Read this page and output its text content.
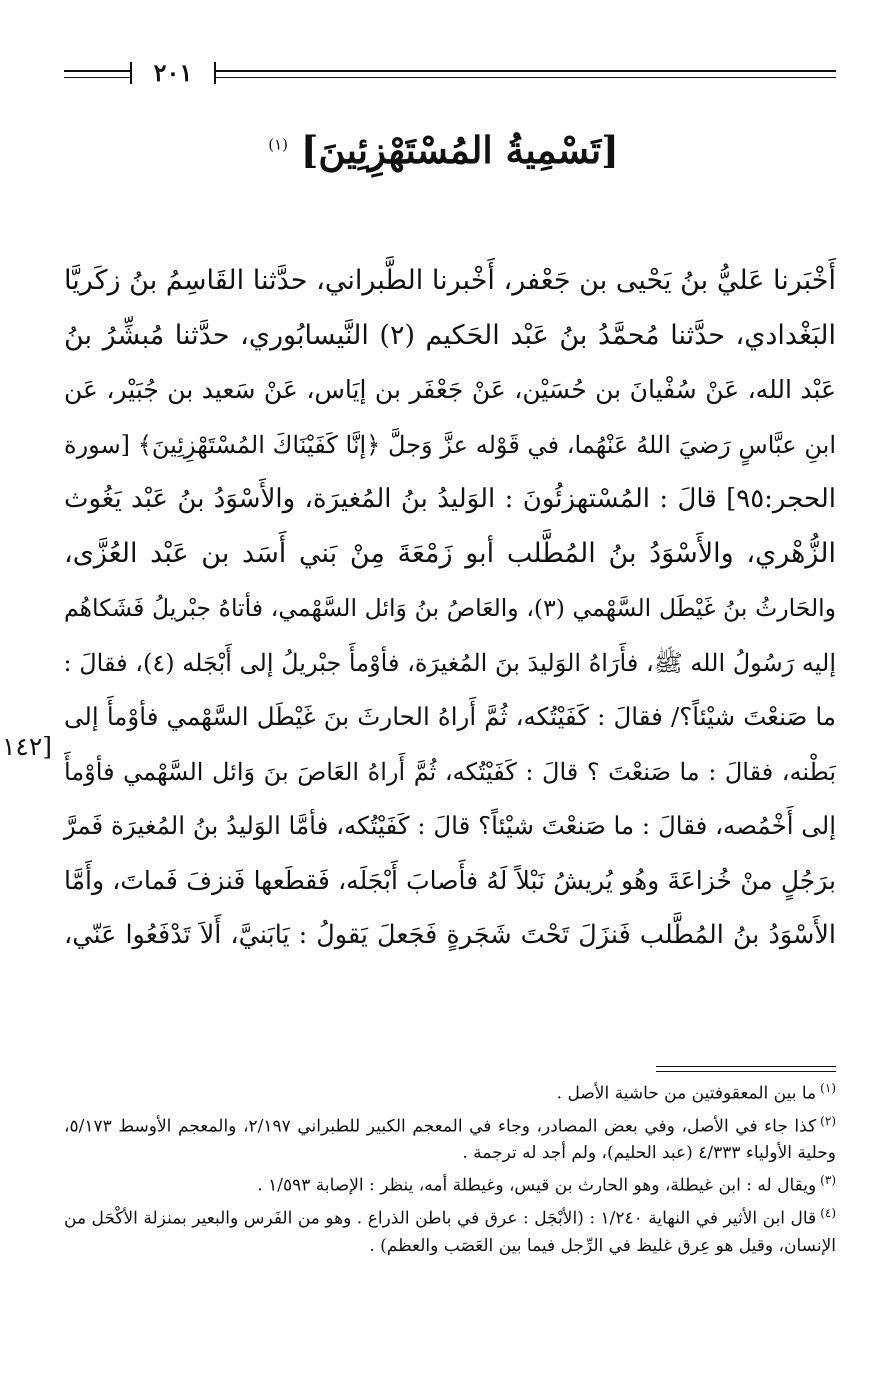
٢٠١
[تَسْمِيةُ المُسْتَهْزِئِينَ] $^{(١)}$
أَخْبَرنا عَليُّ بنُ يَحْيى بن جَعْفر، أَخْبرنا الطَّبراني، حدَّثنا القَاسِمُ بنُ زكَريَّا
البَغْدادي، حدَّثنا مُحمَّدُ بنُ عَبْد الحَكيم (٢) النَّيسابُوري، حدَّثنا مُبشِّرُ بنُ
عَبْد الله، عَنْ سُفْيانَ بن حُسَيْن، عَنْ جَعْفَر بن إيَاس، عَنْ سَعيد بن جُبَيْر، عَن
ابنِ عبَّاسٍ رَضيَ اللهُ عَنْهُما، في قَوْله عزَّ وَجلَّ ﴿إنَّا كَفَيْنَاكَ المُسْتَهْزِئِينَ﴾ [سورة
الحجر:٩٥] قالَ : المُسْتهزئُونَ : الوَليدُ بنُ المُغيرَة، والأَسْوَدُ بنُ عَبْد يَغُوث
الزُّهْري، والأَسْوَدُ بنُ المُطَّلب أبو زَمْعَةَ مِنْ بَني أَسَد بن عَبْد العُزَّى،
والحَارثُ بنُ غَيْطَل السَّهْمي (٣)، والعَاصُ بنُ وَائل السَّهْمي، فأتاهُ جبْريلُ فَشَكاهُم
إليه رَسُولُ الله ﷺ، فأَرَاهُ الوَليدَ بنَ المُغيرَة، فأوْمأَ جبْريلُ إلى أَبْجَله (٤)، فقالَ :
ما صَنعْتَ شيْئاً؟/ فقالَ : كَفَيْتُكه، ثُمَّ أَراهُ الحارثَ بنَ غَيْطَل السَّهْمي فأوْمأَ إلى
بَطْنه، فقالَ : ما صَنعْتَ ؟ قالَ : كَفَيْتُكه، ثُمَّ أَراهُ العَاصَ بنَ وَائل السَّهْمي فأوْمأَ
إلى أَخْمُصه، فقالَ : ما صَنعْتَ شيْئاً؟ قالَ : كَفَيْتُكه، فأمَّا الوَليدُ بنُ المُغيرَة فَمرَّ
برَجُلٍ منْ خُزاعَةَ وهُو يُريشُ نَبْلاً لَهُ فأَصابَ أَبْجَلَه، فَقطَعها فَنزفَ فَماتَ، وأَمَّا
الأَسْوَدُ بنُ المُطَّلب فَنزَلَ تَحْتَ شَجَرةٍ فَجَعلَ يَقولُ : يَابَنيَّ، أَلاَ تَدْفَعُوا عَنّي،
[١٤٢
$^{(١)}$ما بين المعقوفتين من حاشية الأصل .
$^{(٢)}$كذا جاء في الأصل، وفي بعض المصادر، وجاء في المعجم الكبير للطبراني ٢/١٩٧، والمعجم الأوسط ٥/١٧٣، وحلية الأولياء ٤/٣٣٣ (عبد الحليم)، ولم أجد له ترجمة .
$^{(٣)}$ويقال له : ابن غيطلة، وهو الحارث بن قيس، وغيطلة أمه، ينظر : الإصابة ١/٥٩٣ .
$^{(٤)}$قال ابن الأثير في النهاية ١/٢٤٠ : (الأبْجَل : عرق في باطن الذراع . وهو من الفَرس والبعير بمنزلة الأكْحَل من الإنسان، وقيل هو عِرق غليظ في الرِّجل فيما بين العَصَب والعظم) .
